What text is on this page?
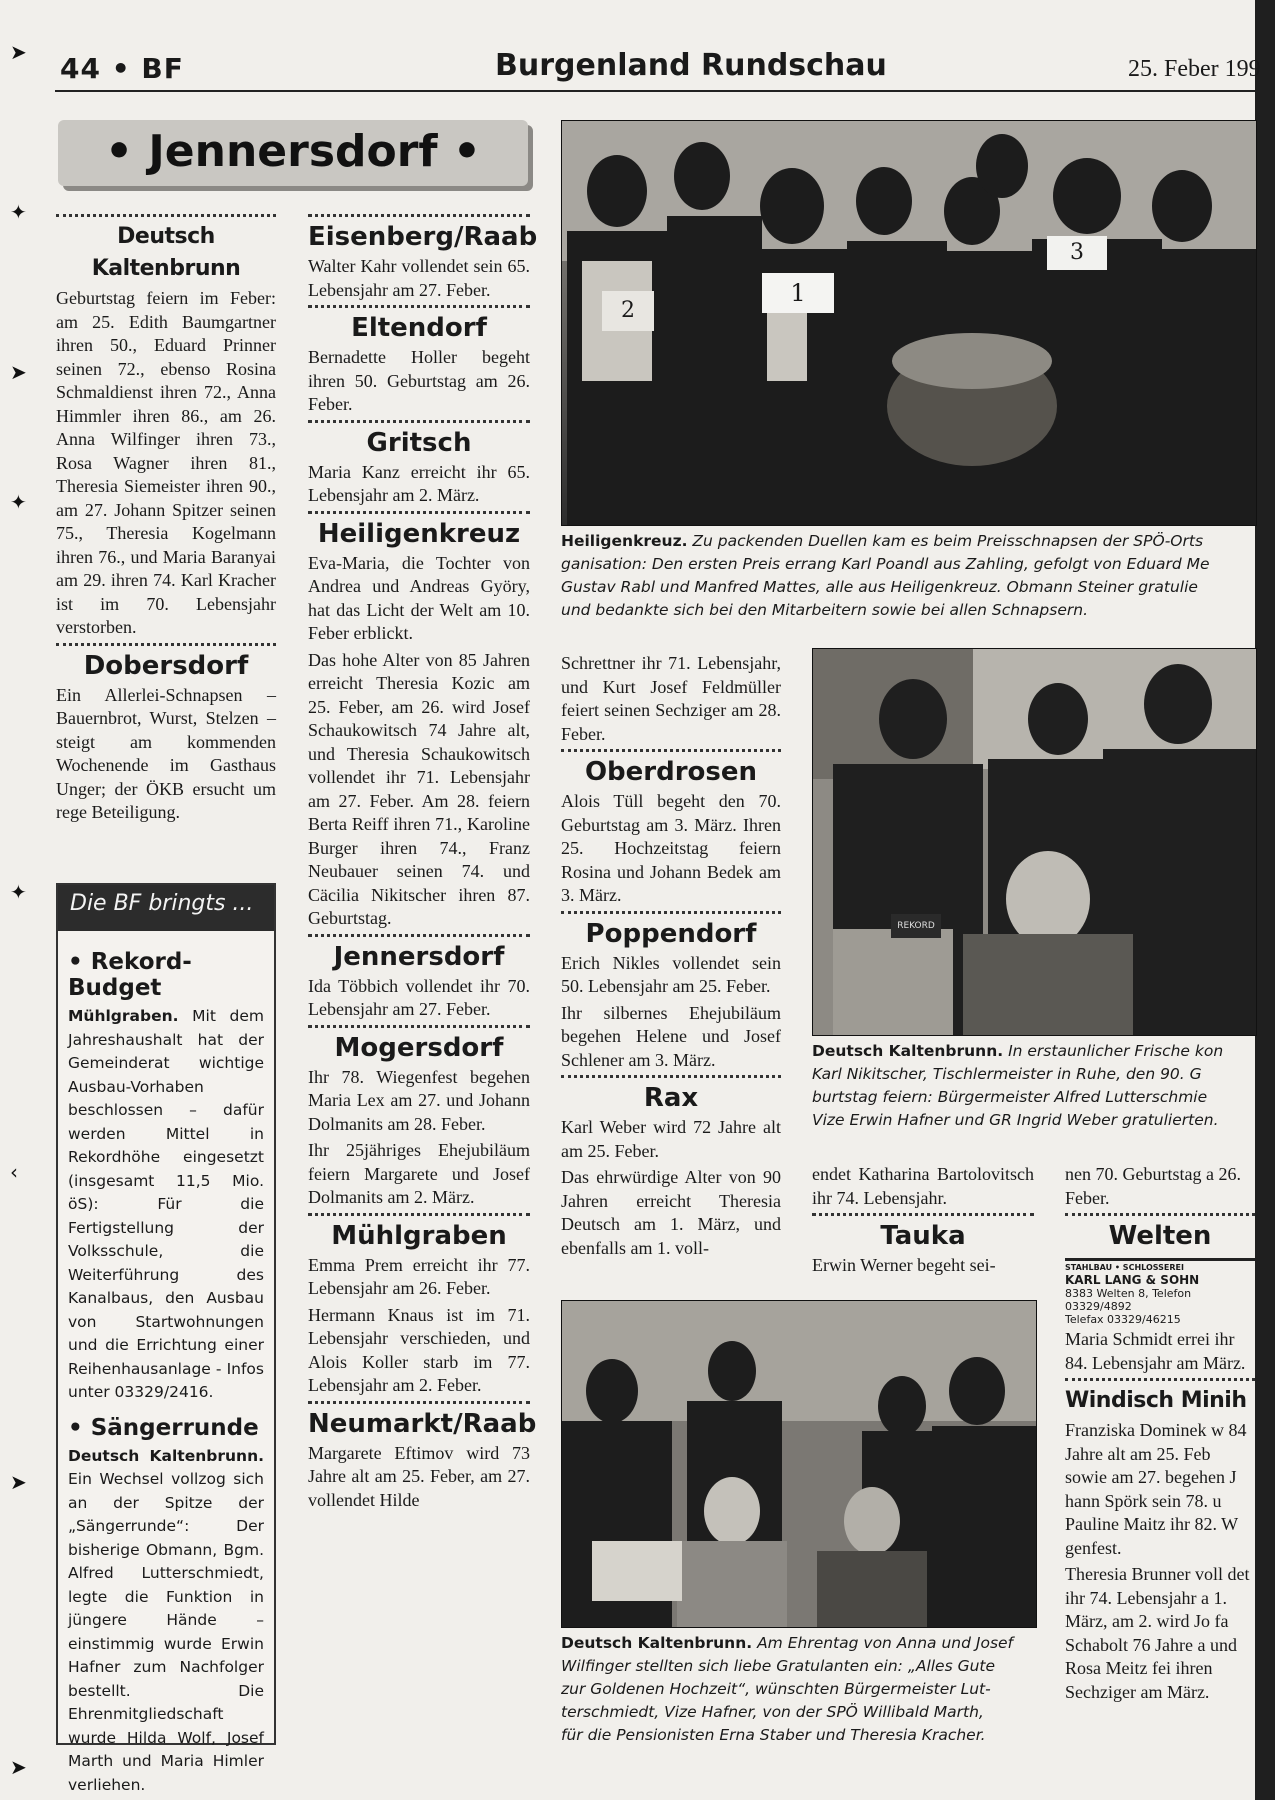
➤
✦
➤
✦
✦
‹
➤
➤
44 • BF	Burgenland Rundschau	25. Feber 199
• Jennersdorf •
Deutsch Kaltenbrunn

Geburtstag feiern im Feber: am 25. Edith Baumgartner ihren 50., Eduard Prinner seinen 72., ebenso Rosina Schmaldienst ihren 72., Anna Himmler ihren 86., am 26. Anna Wilfinger ihren 73., Rosa Wagner ihren 81., Theresia Siemeister ihren 90., am 27. Johann Spitzer seinen 75., Theresia Kogelmann ihren 76., und Maria Baranyai am 29. ihren 74. Karl Kracher ist im 70. Lebensjahr verstorben.

Dobersdorf

Ein Allerlei-Schnapsen – Bauernbrot, Wurst, Stelzen – steigt am kommenden Wochenende im Gasthaus Unger; der ÖKB ersucht um rege Beteiligung.

Die BF bringts ...
• Rekord-Budget

Mühlgraben. Mit dem Jahreshaushalt hat der Gemeinderat wichtige Ausbau-Vorhaben beschlossen – dafür werden Mittel in Rekordhöhe eingesetzt (insgesamt 11,5 Mio. öS): Für die Fertigstellung der Volksschule, die Weiterführung des Kanalbaus, den Ausbau von Startwohnungen und die Errichtung einer Reihenhausanlage - Infos unter 03329/2416.

• Sängerrunde

Deutsch Kaltenbrunn. Ein Wechsel vollzog sich an der Spitze der „Sängerrunde“: Der bisherige Obmann, Bgm. Alfred Lutterschmiedt, legte die Funktion in jüngere Hände – einstimmig wurde Erwin Hafner zum Nachfolger bestellt. Die Ehrenmitgliedschaft wurde Hilda Wolf, Josef Marth und Maria Himler verliehen.

Eisenberg/Raab

Walter Kahr vollendet sein 65. Lebensjahr am 27. Feber.

Eltendorf

Bernadette Holler begeht ihren 50. Geburtstag am 26. Feber.

Gritsch

Maria Kanz erreicht ihr 65. Lebensjahr am 2. März.

Heiligenkreuz

Eva-Maria, die Tochter von Andrea und Andreas Györy, hat das Licht der Welt am 10. Feber erblickt.

Das hohe Alter von 85 Jahren erreicht Theresia Kozic am 25. Feber, am 26. wird Josef Schaukowitsch 74 Jahre alt, und Theresia Schaukowitsch vollendet ihr 71. Lebensjahr am 27. Feber. Am 28. feiern Berta Reiff ihren 71., Karoline Burger ihren 74., Franz Neubauer seinen 74. und Cäcilia Nikitscher ihren 87. Geburtstag.

Jennersdorf

Ida Többich vollendet ihr 70. Lebensjahr am 27. Feber.

Mogersdorf

Ihr 78. Wiegenfest begehen Maria Lex am 27. und Johann Dolmanits am 28. Feber.

Ihr 25jähriges Ehejubiläum feiern Margarete und Josef Dolmanits am 2. März.

Mühlgraben

Emma Prem erreicht ihr 77. Lebensjahr am 26. Feber.

Hermann Knaus ist im 71. Lebensjahr verschieden, und Alois Koller starb im 77. Lebensjahr am 2. Feber.

Neumarkt/Raab

Margarete Eftimov wird 73 Jahre alt am 25. Feber, am 27. vollendet Hilde

1
2
3
Heiligenkreuz. Zu packenden Duellen kam es beim Preisschnapsen der SPÖ-Orts
ganisation: Den ersten Preis errang Karl Poandl aus Zahling, gefolgt von Eduard Me
Gustav Rabl und Manfred Mattes, alle aus Heiligenkreuz. Obmann Steiner gratulie
und bedankte sich bei den Mitarbeitern sowie bei allen Schnapsern.

Schrettner ihr 71. Lebensjahr, und Kurt Josef Feldmüller feiert seinen Sechziger am 28. Feber.

Oberdrosen

Alois Tüll begeht den 70. Geburtstag am 3. März. Ihren 25. Hochzeitstag feiern Rosina und Johann Bedek am 3. März.

Poppendorf

Erich Nikles vollendet sein 50. Lebensjahr am 25. Feber.

Ihr silbernes Ehejubiläum begehen Helene und Josef Schlener am 3. März.

Rax

Karl Weber wird 72 Jahre alt am 25. Feber.

Das ehrwürdige Alter von 90 Jahren erreicht Theresia Deutsch am 1. März, und ebenfalls am 1. voll-

REKORD
Deutsch Kaltenbrunn. In erstaunlicher Frische kon
Karl Nikitscher, Tischlermeister in Ruhe, den 90. G
burtstag feiern: Bürgermeister Alfred Lutterschmie
Vize Erwin Hafner und GR Ingrid Weber gratulierten.

endet Katharina Bartolovitsch ihr 74. Lebensjahr.

Tauka

Erwin Werner begeht sei-

nen 70. Geburtstag a 26. Feber.

Welten
STAHLBAU • SCHLOSSEREI
KARL LANG & SOHN
8383 Welten 8, Telefon 03329/4892
Telefax 03329/46215

Maria Schmidt errei ihr 84. Lebensjahr am März.

Windisch Minih

Franziska Dominek w 84 Jahre alt am 25. Feb sowie am 27. begehen J hann Spörk sein 78. u Pauline Maitz ihr 82. W genfest.

Theresia Brunner voll det ihr 74. Lebensjahr a 1. März, am 2. wird Jo fa Schabolt 76 Jahre a und Rosa Meitz fei ihren Sechziger am März.

Deutsch Kaltenbrunn. Am Ehrentag von Anna und Josef
Wilfinger stellten sich liebe Gratulanten ein: „Alles Gute
zur Goldenen Hochzeit“, wünschten Bürgermeister Lut-
terschmiedt, Vize Hafner, von der SPÖ Willibald Marth,
für die Pensionisten Erna Staber und Theresia Kracher.
